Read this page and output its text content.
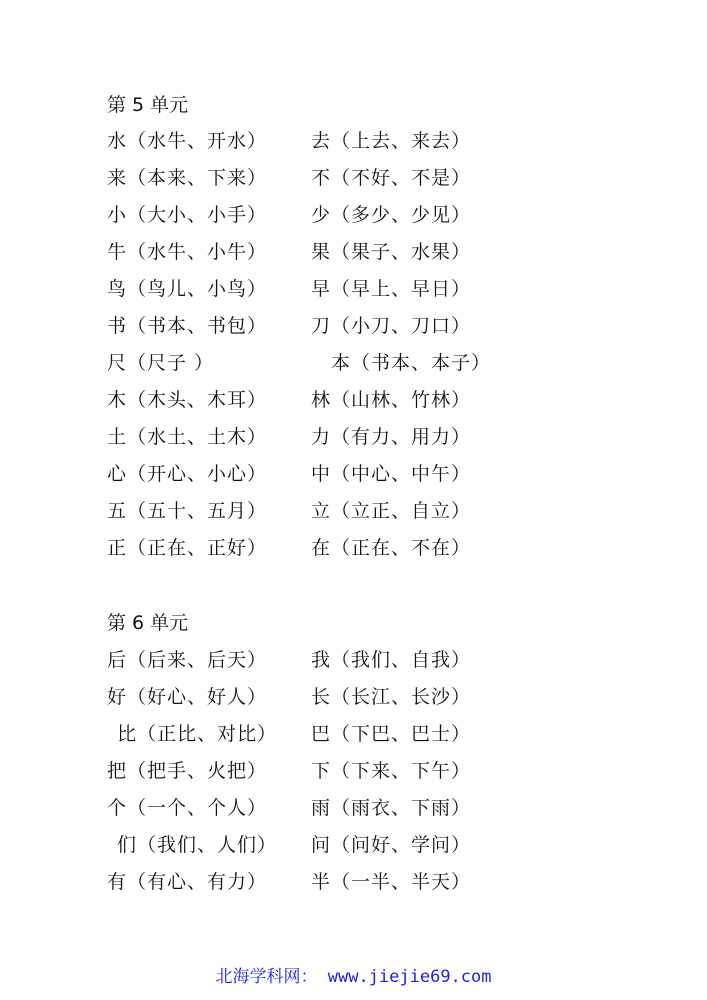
第 5 单元
水（水牛、开水） 去（上去、来去）
来（本来、下来） 不（不好、不是）
小（大小、小手） 少（多少、少见）
牛（水牛、小牛） 果（果子、水果）
鸟（鸟儿、小鸟） 早（早上、早日）
书（书本、书包） 刀（小刀、刀口）
尺（尺子 ）	本（书本、本子）
木（木头、木耳） 林（山林、竹林）
土（水土、土木） 力（有力、用力）
心（开心、小心） 中（中心、中午）
五（五十、五月） 立（立正、自立）
正（正在、正好） 在（正在、不在）
第 6 单元
后（后来、后天） 我（我们、自我）
好（好心、好人） 长（长江、长沙）
比（正比、对比） 巴（下巴、巴士）
把（把手、火把） 下（下来、下午）
个（一个、个人） 雨（雨衣、下雨）
们（我们、人们） 问（问好、学问）
有（有心、有力） 半（一半、半天）
北海学科网： www.jiejie69.com
